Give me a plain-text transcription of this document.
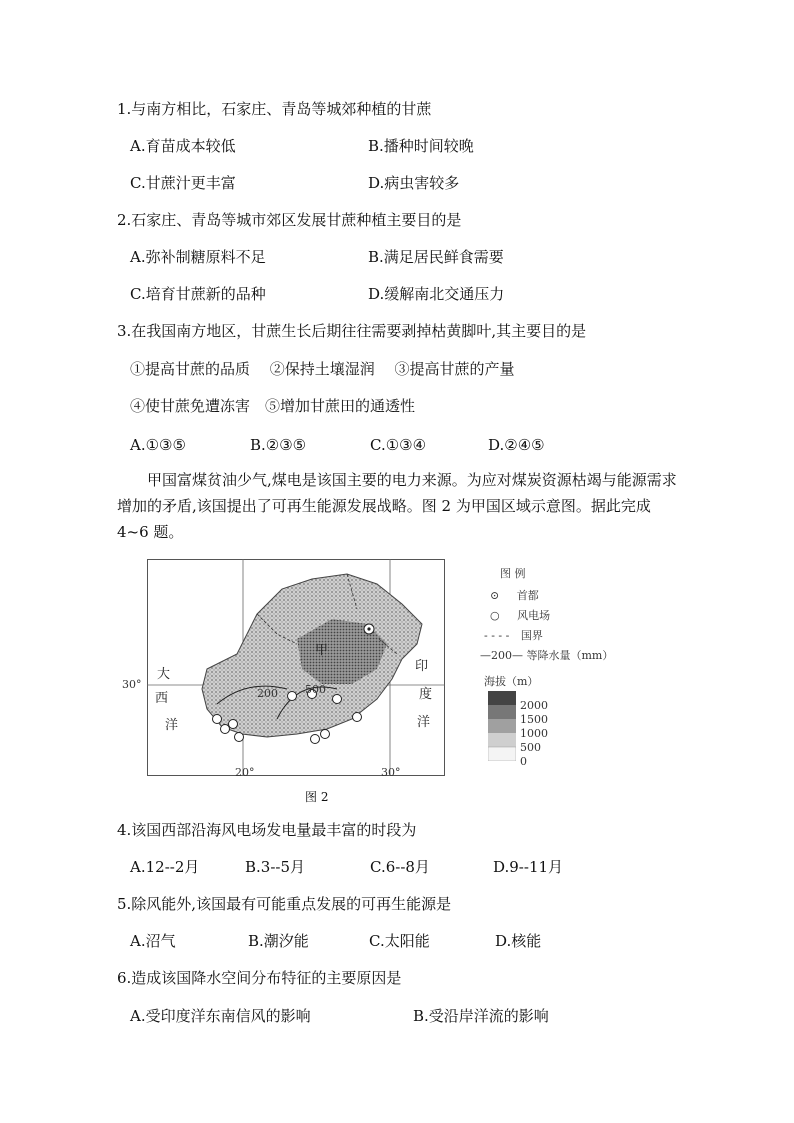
1.与南方相比，石家庄、青岛等城郊种植的甘蔗
A.育苗成本较低	B.播种时间较晚
C.甘蔗汁更丰富	D.病虫害较多
2.石家庄、青岛等城市郊区发展甘蔗种植主要目的是
A.弥补制糖原料不足	B.满足居民鲜食需要
C.培育甘蔗新的品种	D.缓解南北交通压力
3.在我国南方地区，甘蔗生长后期往往需要剥掉枯黄脚叶,其主要目的是
①提高甘蔗的品质　 ②保持土壤湿润　 ③提高甘蔗的产量
④使甘蔗免遭冻害　⑤增加甘蔗田的通透性
A.①③⑤	B.②③⑤	C.①③④	D.②④⑤
甲国富煤贫油少气,煤电是该国主要的电力来源。为应对煤炭资源枯竭与能源需求增加的矛盾,该国提出了可再生能源发展战略。图 2 为甲国区域示意图。据此完成 4~6 题。
大
西
洋
印
度
洋
甲
200 500
30°
20°	30°
图 例
⊙ 首都
○ 风电场
- - - - 国界
—200— 等降水量（mm）
海拔（m）
2000
1500
1000
500
0
图 2
4.该国西部沿海风电场发电量最丰富的时段为
A.12--2月	B.3--5月	C.6--8月	D.9--11月
5.除风能外,该国最有可能重点发展的可再生能源是
A.沼气	B.潮汐能	C.太阳能	D.核能
6.造成该国降水空间分布特征的主要原因是
A.受印度洋东南信风的影响	B.受沿岸洋流的影响
